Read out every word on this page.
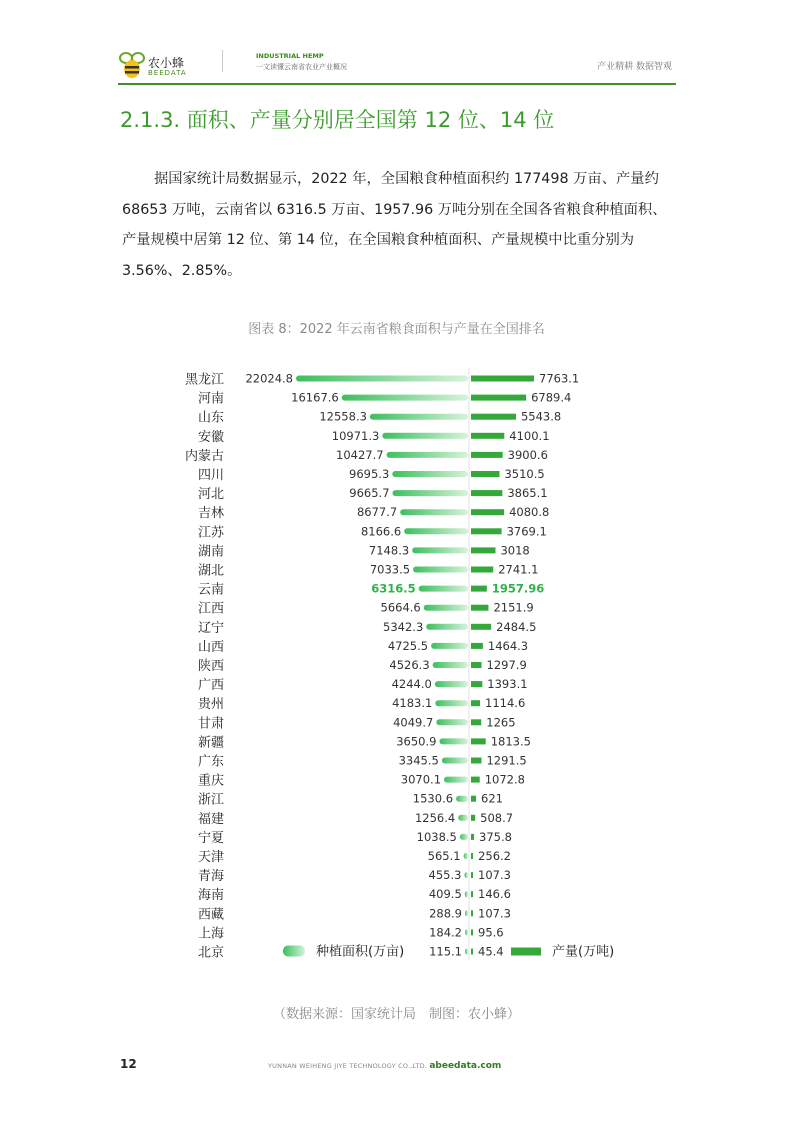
农小蜂
BEEDATA
INDUSTRIAL HEMP
一文读懂云南省农业产业概况	产业精耕 数据智观
2.1.3. 面积、产量分别居全国第 12 位、14 位

据国家统计局数据显示，2022 年，全国粮食种植面积约 177498 万亩、产量约 68653 万吨，云南省以 6316.5 万亩、1957.96 万吨分别在全国各省粮食种植面积、产量规模中居第 12 位、第 14 位，在全国粮食种植面积、产量规模中比重分别为 3.56%、2.85%。

图表 8：2022 年云南省粮食面积与产量在全国排名
黑龙江 22024.8	7763.1
河南	16167.6	6789.4
山东	12558.3	5543.8
安徽	10971.3	4100.1
内蒙古	10427.7	3900.6
四川	9695.3	3510.5
河北	9665.7	3865.1
吉林	8677.7	4080.8
江苏	8166.6	3769.1
湖南	7148.3	3018
湖北	7033.5	2741.1
云南	6316.5	1957.96
江西	5664.6	2151.9
辽宁	5342.3	2484.5
山西	4725.5	1464.3
陕西	4526.3	1297.9
广西	4244.0	1393.1
贵州	4183.1	1114.6
甘肃	4049.7	1265
新疆	3650.9	1813.5
广东	3345.5	1291.5
重庆	3070.1	1072.8
浙江	1530.6 621
福建	1256.4 508.7
宁夏	1038.5 375.8
天津	565.1 256.2
青海	455.3 107.3
海南	409.5 146.6
西藏	288.9 107.3
上海	184.2 95.6
北京	115.1 45.4
种植面积(万亩)	产量(万吨)
（数据来源：国家统计局　制图：农小蜂）
12	YUNNAN WEIHENG JIYE TECHNOLOGY CO.,LTD. abeedata.com
